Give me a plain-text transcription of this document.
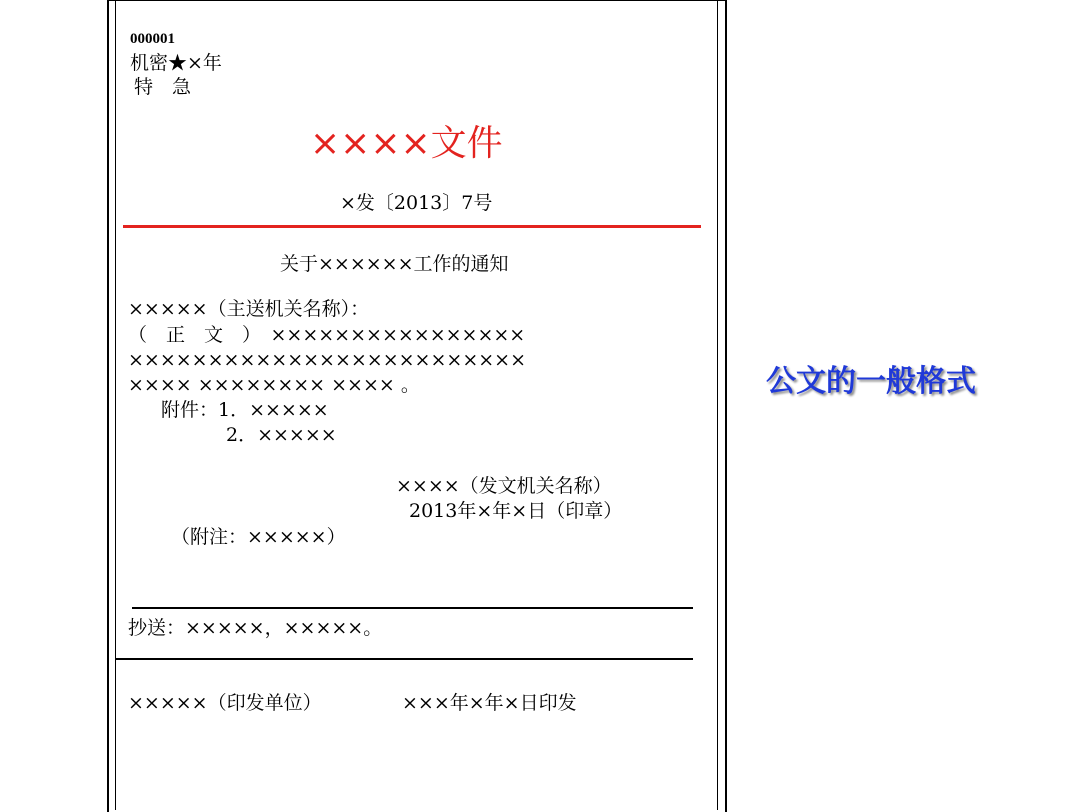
000001
机密★×年
特　急
××××文件
×发〔2013〕7号
关于××××××工作的通知
×××××（主送机关名称）：
（　正　文　）　××××××××××××××××
×××××××××××××××××××××××××
×××× ×××××××× ×××× 。
附件：1．×××××
2．×××××
××××（发文机关名称）
2013年×年×日（印章）
（附注：×××××）
抄送：×××××，×××××。
×××××（印发单位）	×××年×年×日印发
公文的一般格式
